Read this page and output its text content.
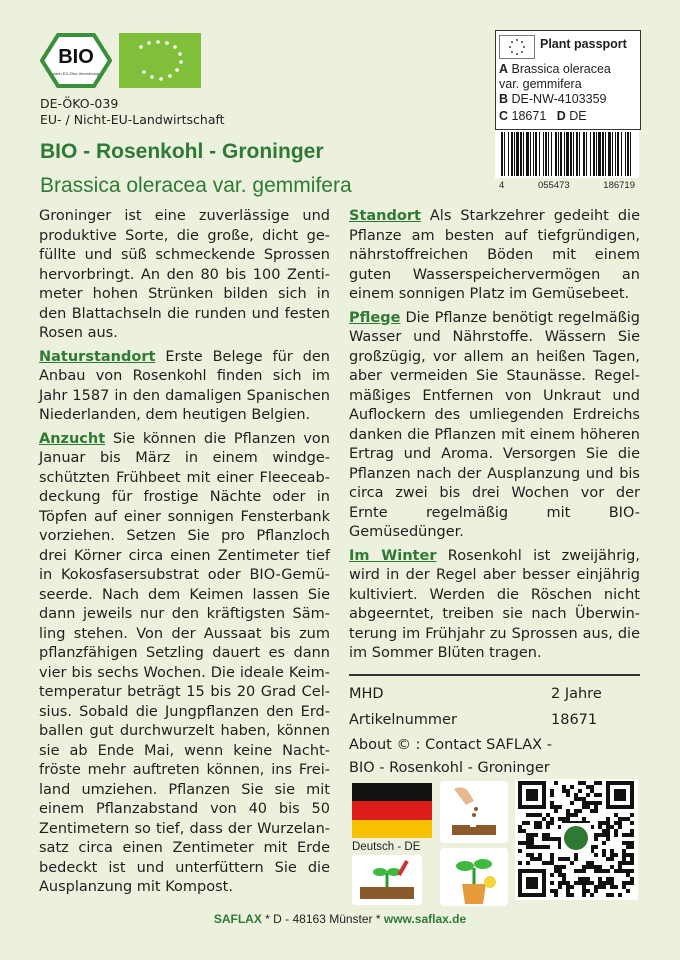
BIO
nach EG-Öko-Verordnung
DE-ÖKO-039
EU- / Nicht-EU-Landwirtschaft
Plant passport
A Brassica oleracea
var. gemmifera
B DE-NW-4103359
C 18671 D DE
4	055473	186719
BIO - Rosenkohl - Groninger
Brassica oleracea var. gemmifera

Groninger ist eine zuverlässige und produktive Sorte, die große, dicht gefüllte und süß schmeckende Sprossen hervorbringt. An den 80 bis 100 Zentimeter hohen Strünken bilden sich in den Blattachseln die runden und festen Rosen aus.

Naturstandort Erste Belege für den Anbau von Rosenkohl finden sich im Jahr 1587 in den damaligen Spanischen Niederlanden, dem heutigen Belgien.

Anzucht Sie können die Pflanzen von Januar bis März in einem windgeschützten Frühbeet mit einer Fleeceabdeckung für frostige Nächte oder in Töpfen auf einer sonnigen Fensterbank vorziehen. Setzen Sie pro Pflanzloch drei Körner circa einen Zentimeter tief in Kokosfasersubstrat oder BIO-Gemüseerde. Nach dem Keimen lassen Sie dann jeweils nur den kräftigsten Sämling stehen. Von der Aussaat bis zum pflanzfähigen Setzling dauert es dann vier bis sechs Wochen. Die ideale Keimtemperatur beträgt 15 bis 20 Grad Celsius. Sobald die Jungpflanzen den Erdballen gut durchwurzelt haben, können sie ab Ende Mai, wenn keine Nachtfröste mehr auftreten können, ins Freiland umziehen. Pflanzen Sie sie mit einem Pflanzabstand von 40 bis 50 Zentimetern so tief, dass der Wurzelansatz circa einen Zentimeter mit Erde bedeckt ist und unterfüttern Sie die Ausplanzung mit Kompost.

Standort Als Starkzehrer gedeiht die Pflanze am besten auf tiefgründigen, nährstoffreichen Böden mit einem guten Wasserspeichervermögen an einem sonnigen Platz im Gemüsebeet.

Pflege Die Pflanze benötigt regelmäßig Wasser und Nährstoffe. Wässern Sie großzügig, vor allem an heißen Tagen, aber vermeiden Sie Staunässe. Regelmäßiges Entfernen von Unkraut und Auflockern des umliegenden Erdreichs danken die Pflanzen mit einem höheren Ertrag und Aroma. Versorgen Sie die Pflanzen nach der Ausplanzung und bis circa zwei bis drei Wochen vor der Ernte regelmäßig mit BIO-Gemüsedünger.

Im Winter Rosenkohl ist zweijährig, wird in der Regel aber besser einjährig kultiviert. Werden die Röschen nicht abgeerntet, treiben sie nach Überwinterung im Frühjahr zu Sprossen aus, die im Sommer Blüten tragen.

MHD	2 Jahre
Artikelnummer	18671
About © : Contact SAFLAX -
BIO - Rosenkohl - Groninger
Deutsch - DE
SAFLAX * D - 48163 Münster * www.saflax.de
